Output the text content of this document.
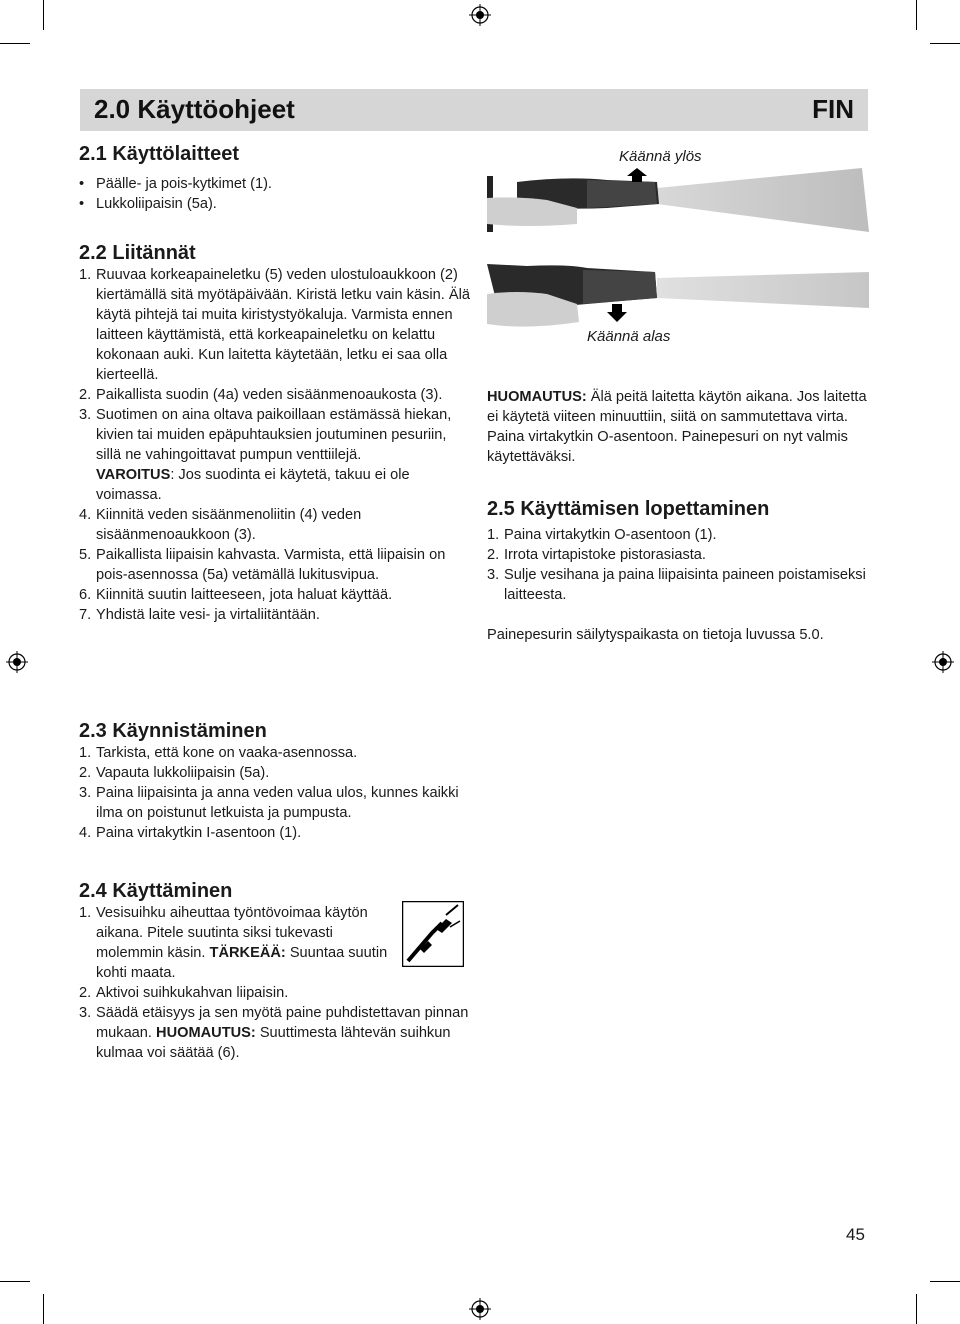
2.0 Käyttöohjeet	FIN

2.1 Käyttölaitteet

• Päälle- ja pois-kytkimet (1).

• Lukkoliipaisin (5a).

2.2 Liitännät

1. Ruuvaa korkeapaineletku (5) veden ulostuloaukkoon (2) kiertämällä sitä myötäpäivään. Kiristä letku vain käsin. Älä käytä pihtejä tai muita kiristystyökaluja. Varmista ennen laitteen käyttämistä, että korkeapaineletku on kelattu kokonaan auki. Kun laitetta käytetään, letku ei saa olla kierteellä.

2. Paikallista suodin (4a) veden sisäänmenoaukosta (3).

3. Suotimen on aina oltava paikoillaan estämässä hiekan, kivien tai muiden epäpuhtauksien joutuminen pesuriin, sillä ne vahingoittavat pumpun venttiilejä.

VAROITUS: Jos suodinta ei käytetä, takuu ei ole voimassa.

4. Kiinnitä veden sisäänmenoliitin (4) veden sisäänmenoaukkoon (3).

5. Paikallista liipaisin kahvasta. Varmista, että liipaisin on pois-asennossa (5a) vetämällä lukitusvipua.

6. Kiinnitä suutin laitteeseen, jota haluat käyttää.

7. Yhdistä laite vesi- ja virtaliitäntään.

2.3 Käynnistäminen

1. Tarkista, että kone on vaaka-asennossa.

2. Vapauta lukkoliipaisin (5a).

3. Paina liipaisinta ja anna veden valua ulos, kunnes kaikki ilma on poistunut letkuista ja pumpusta.

4. Paina virtakytkin I-asentoon (1).

2.4 Käyttäminen

1. Vesisuihku aiheuttaa työntövoimaa käytön aikana. Pitele suutinta siksi tukevasti molemmin käsin. TÄRKEÄÄ: Suuntaa suutin kohti maata.

2. Aktivoi suihkukahvan liipaisin.

3. Säädä etäisyys ja sen myötä paine puhdistettavan pinnan mukaan. HUOMAUTUS: Suuttimesta lähtevän suihkun kulmaa voi säätää (6).

Käännä ylös
Käännä alas

HUOMAUTUS: Älä peitä laitetta käytön aikana. Jos laitetta ei käytetä viiteen minuuttiin, siitä on sammutettava virta. Paina virtakytkin O-asentoon. Painepesuri on nyt valmis käytettäväksi.

2.5 Käyttämisen lopettaminen

1. Paina virtakytkin O-asentoon (1).

2. Irrota virtapistoke pistorasiasta.

3. Sulje vesihana ja paina liipaisinta paineen poistamiseksi laitteesta.

Painepesurin säilytyspaikasta on tietoja luvussa 5.0.

45
